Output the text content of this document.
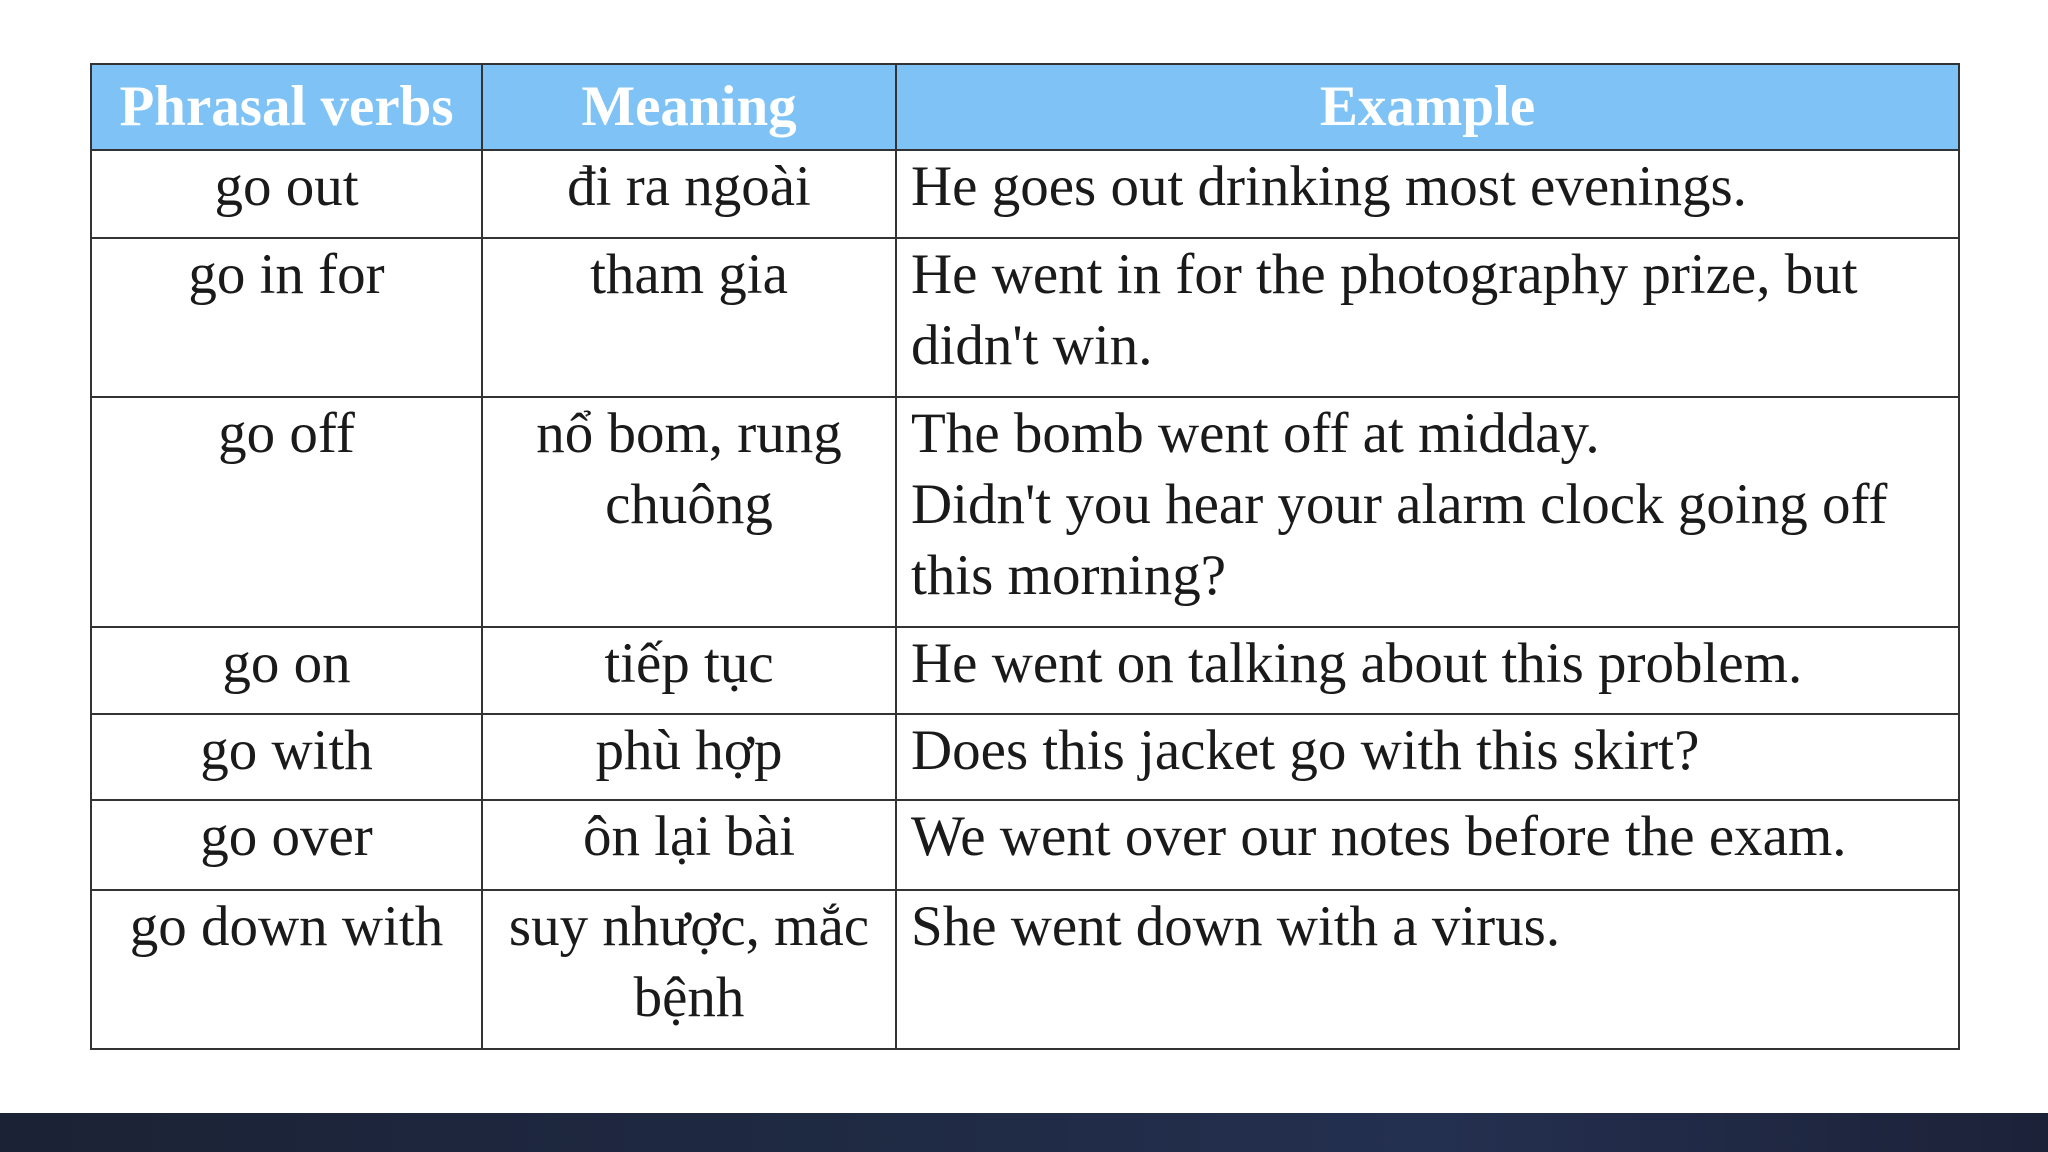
Phrasal verbs	Meaning	Example
go out	đi ra ngoài	He goes out drinking most evenings.

go in for	tham gia	He went in for the photography prize, but didn't win.

go off	nổ bom, rung chuông	The bomb went off at midday.
Didn't you hear your alarm clock going off this morning?

go on	tiếp tục	He went on talking about this problem.

go with	phù hợp	Does this jacket go with this skirt?

go over	ôn lại bài	We went over our notes before the exam.

go down with	suy nhược, mắc bệnh	She went down with a virus.
